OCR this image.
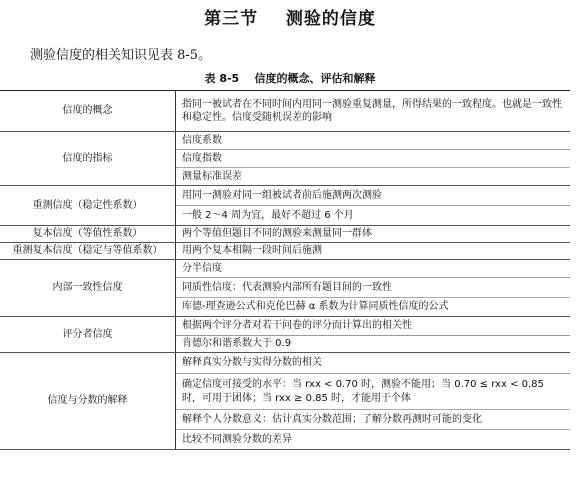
第三节    测验的信度
测验信度的相关知识见表 8-5。
表 8-5    信度的概念、评估和解释
信度的概念	指同一被试者在不同时间内用同一测验重复测量，所得结果的一致程度。也就是一致性和稳定性。信度受随机误差的影响
信度的指标	信度系数
	信度指数
	测量标准误差
重测信度（稳定性系数）	用同一测验对同一组被试者前后施测两次测验
	一般 2～4 周为宜，最好不超过 6 个月
复本信度（等值性系数）	两个等值但题目不同的测验来测量同一群体
重测复本信度（稳定与等值系数）	用两个复本相隔一段时间后施测
内部一致性信度	分半信度
	同质性信度：代表测验内部所有题目间的一致性
	库德-理查逊公式和克伦巴赫 α 系数为计算同质性信度的公式
评分者信度	根据两个评分者对若干问卷的评分而计算出的相关性
	肯德尔和谐系数大于 0.9
信度与分数的解释	解释真实分数与实得分数的相关
	确定信度可接受的水平：当 rxx < 0.70 时，测验不能用；当 0.70 ≤ rxx < 0.85 时，可用于团体；当 rxx ≥ 0.85 时，才能用于个体
	解释个人分数意义：估计真实分数范围；了解分数再测时可能的变化
	比较不同测验分数的差异
